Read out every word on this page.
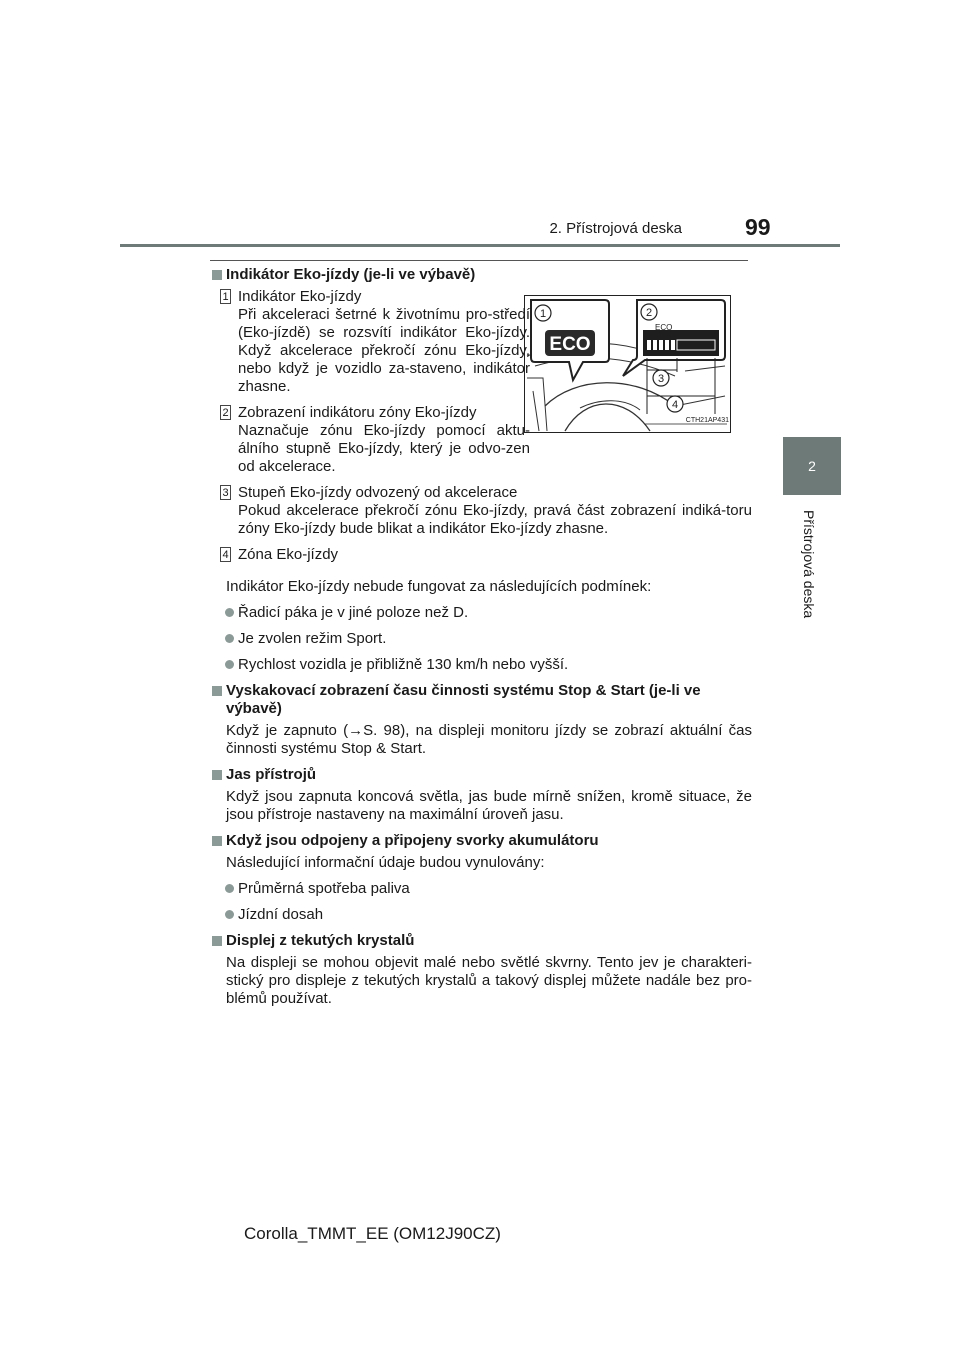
2. Přístrojová deska	99
2
Přístrojová deska
ECO
1
ECO
2
3
4
CTH21AP431
Indikátor Eko-jízdy (je-li ve výbavě)
1 Indikátor Eko-jízdy
Při akceleraci šetrné k životnímu pro-středí (Eko-jízdě) se rozsvítí indikátor Eko-jízdy. Když akcelerace překročí zónu Eko-jízdy, nebo když je vozidlo za-staveno, indikátor zhasne.
2 Zobrazení indikátoru zóny Eko-jízdy
Naznačuje zónu Eko-jízdy pomocí aktu-álního stupně Eko-jízdy, který je odvo-zen od akcelerace.
3 Stupeň Eko-jízdy odvozený od akcelerace
Pokud akcelerace překročí zónu Eko-jízdy, pravá část zobrazení indiká-toru zóny Eko-jízdy bude blikat a indikátor Eko-jízdy zhasne.
4 Zóna Eko-jízdy
Indikátor Eko-jízdy nebude fungovat za následujících podmínek:
Řadicí páka je v jiné poloze než D.
Je zvolen režim Sport.
Rychlost vozidla je přibližně 130 km/h nebo vyšší.
Vyskakovací zobrazení času činnosti systému Stop & Start (je-li ve výbavě)
Když je zapnuto (→S. 98), na displeji monitoru jízdy se zobrazí aktuální čas činnosti systému Stop & Start.
Jas přístrojů
Když jsou zapnuta koncová světla, jas bude mírně snížen, kromě situace, že jsou přístroje nastaveny na maximální úroveň jasu.
Když jsou odpojeny a připojeny svorky akumulátoru
Následující informační údaje budou vynulovány:
Průměrná spotřeba paliva
Jízdní dosah
Displej z tekutých krystalů
Na displeji se mohou objevit malé nebo světlé skvrny. Tento jev je charakteri-stický pro displeje z tekutých krystalů a takový displej můžete nadále bez pro-blémů používat.
Corolla_TMMT_EE (OM12J90CZ)
